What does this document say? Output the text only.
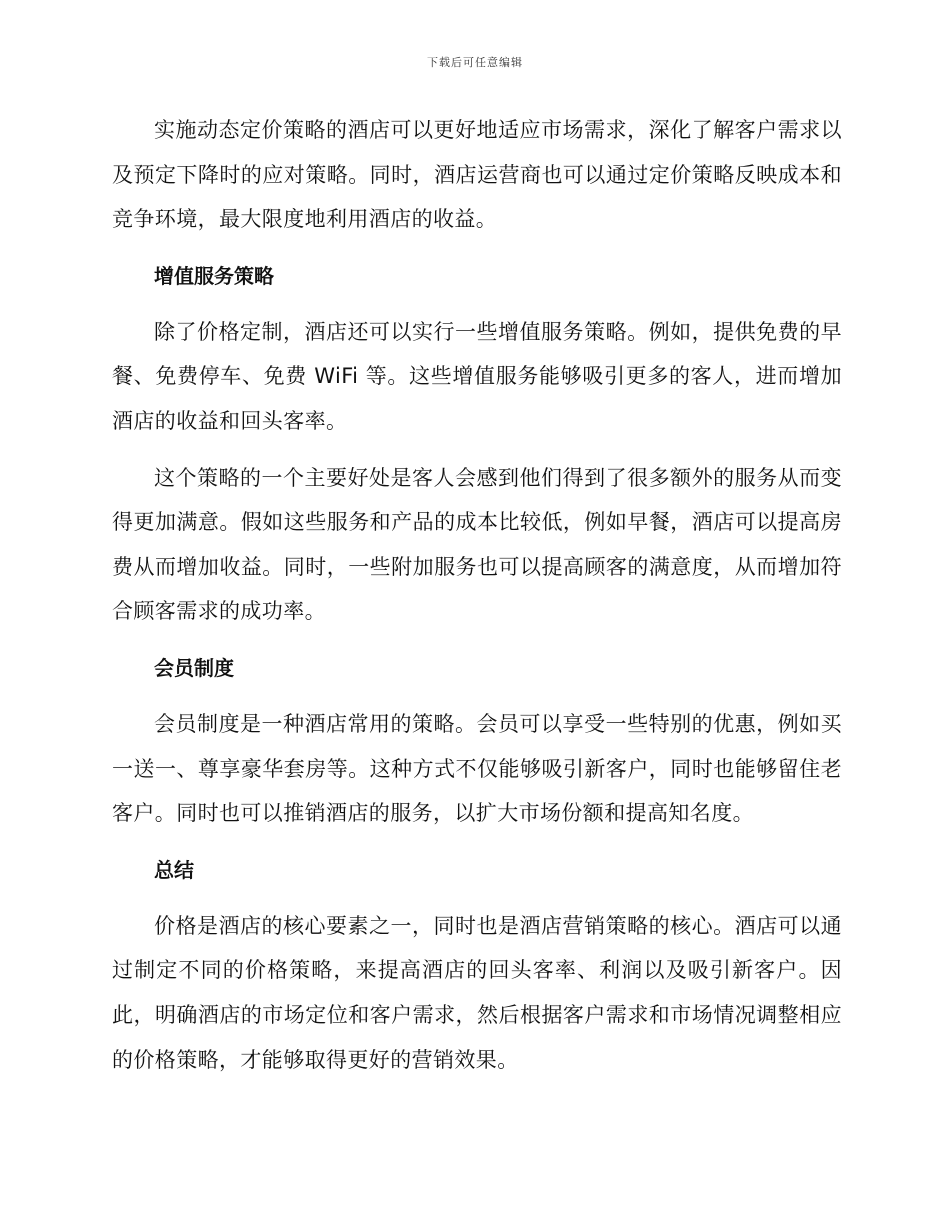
下载后可任意编辑

实施动态定价策略的酒店可以更好地适应市场需求，深化了解客户需求以及预定下降时的应对策略。同时，酒店运营商也可以通过定价策略反映成本和竞争环境，最大限度地利用酒店的收益。

增值服务策略

除了价格定制，酒店还可以实行一些增值服务策略。例如，提供免费的早餐、免费停车、免费 WiFi 等。这些增值服务能够吸引更多的客人，进而增加酒店的收益和回头客率。

这个策略的一个主要好处是客人会感到他们得到了很多额外的服务从而变得更加满意。假如这些服务和产品的成本比较低，例如早餐，酒店可以提高房费从而增加收益。同时，一些附加服务也可以提高顾客的满意度，从而增加符合顾客需求的成功率。

会员制度

会员制度是一种酒店常用的策略。会员可以享受一些特别的优惠，例如买一送一、尊享豪华套房等。这种方式不仅能够吸引新客户，同时也能够留住老客户。同时也可以推销酒店的服务，以扩大市场份额和提高知名度。

总结

价格是酒店的核心要素之一，同时也是酒店营销策略的核心。酒店可以通过制定不同的价格策略，来提高酒店的回头客率、利润以及吸引新客户。因此，明确酒店的市场定位和客户需求，然后根据客户需求和市场情况调整相应的价格策略，才能够取得更好的营销效果。
